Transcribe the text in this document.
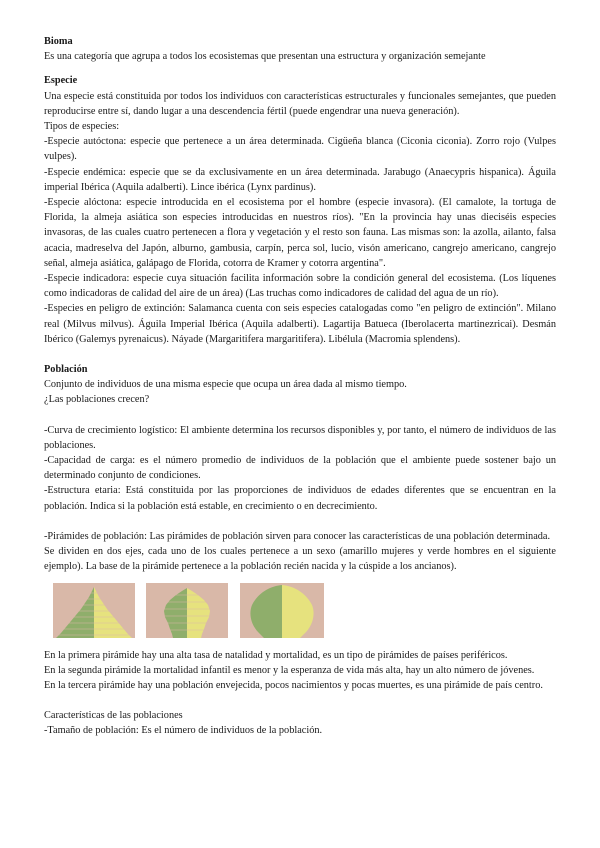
Bioma

Es una categoría que agrupa a todos los ecosistemas que presentan una estructura y organización semejante

Especie

Una especie está constituida por todos los individuos con características estructurales y funcionales semejantes, que pueden reproducirse entre sí, dando lugar a una descendencia fértil (puede engendrar una nueva generación).

Tipos de especies:

-Especie autóctona: especie que pertenece a un área determinada. Cigüeña blanca (Ciconia ciconia). Zorro rojo (Vulpes vulpes).

-Especie endémica: especie que se da exclusivamente en un área determinada. Jarabugo (Anaecypris hispanica). Águila imperial Ibérica (Aquila adalberti). Lince ibérica (Lynx pardinus).

-Especie alóctona: especie introducida en el ecosistema por el hombre (especie invasora). (El camalote, la tortuga de Florida, la almeja asiática son especies introducidas en nuestros ríos). "En la provincia hay unas dieciséis especies invasoras, de las cuales cuatro pertenecen a flora y vegetación y el resto son fauna. Las mismas son: la azolla, ailanto, falsa acacia, madreselva del Japón, alburno, gambusia, carpín, perca sol, lucio, visón americano, cangrejo americano, cangrejo señal, almeja asiática, galápago de Florida, cotorra de Kramer y cotorra argentina".

-Especie indicadora: especie cuya situación facilita información sobre la condición general del ecosistema. (Los líquenes como indicadoras de calidad del aire de un área) (Las truchas como indicadores de calidad del agua de un río).

-Especies en peligro de extinción: Salamanca cuenta con seis especies catalogadas como "en peligro de extinción". Milano real (Milvus milvus). Águila Imperial Ibérica (Aquila adalberti). Lagartija Batueca (Iberolacerta martinezricai). Desmán Ibérico (Galemys pyrenaicus). Náyade (Margaritifera margaritifera). Libélula (Macromia splendens).

Población

Conjunto de individuos de una misma especie que ocupa un área dada al mismo tiempo.

¿Las poblaciones crecen?

-Curva de crecimiento logístico: El ambiente determina los recursos disponibles y, por tanto, el número de individuos de las poblaciones.

-Capacidad de carga: es el número promedio de individuos de la población que el ambiente puede sostener bajo un determinado conjunto de condiciones.

-Estructura etaria: Está constituida por las proporciones de individuos de edades diferentes que se encuentran en la población. Indica si la población está estable, en crecimiento o en decrecimiento.

-Pirámides de población: Las pirámides de población sirven para conocer las características de una población determinada.

Se dividen en dos ejes, cada uno de los cuales pertenece a un sexo (amarillo mujeres y verde hombres en el siguiente ejemplo). La base de la pirámide pertenece a la población recién nacida y la cúspide a los ancianos).

En la primera pirámide hay una alta tasa de natalidad y mortalidad, es un tipo de pirámides de países periféricos.

En la segunda pirámide la mortalidad infantil es menor y la esperanza de vida más alta, hay un alto número de jóvenes.

En la tercera pirámide hay una población envejecida, pocos nacimientos y pocas muertes, es una pirámide de país centro.

Características de las poblaciones

-Tamaño de población: Es el número de individuos de la población.
